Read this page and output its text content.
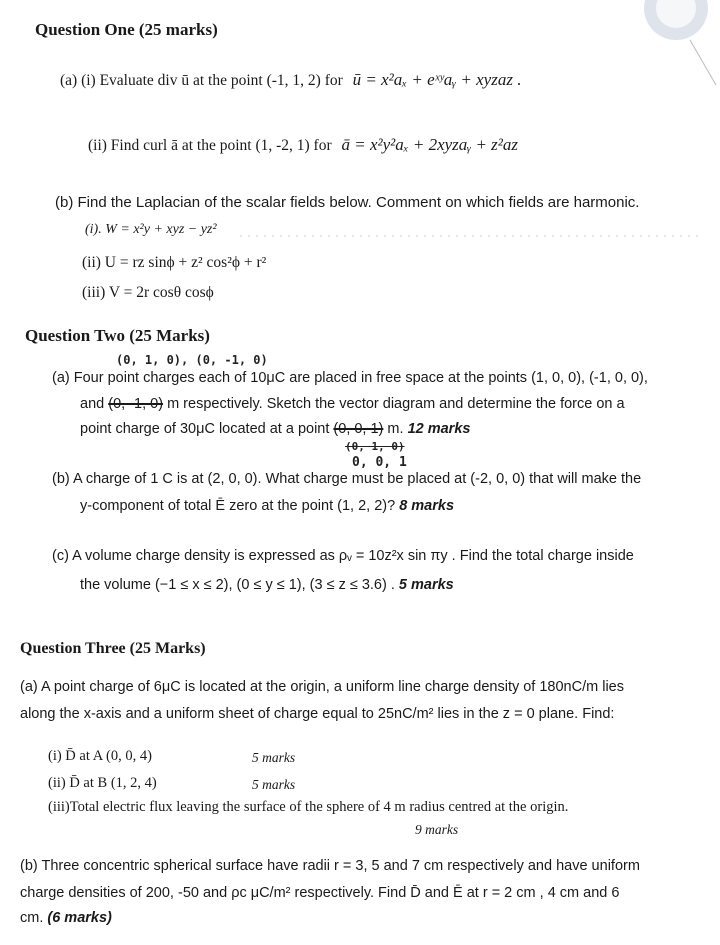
Question One (25 marks)
(a) (i) Evaluate div ū at the point (-1, 1, 2) for ū = x²aₓ + eˣʸaᵧ + xyzaz .
(ii) Find curl ā at the point (1, -2, 1) for ā = x²y²aₓ + 2xyzaᵧ + z²az
(b) Find the Laplacian of the scalar fields below. Comment on which fields are harmonic.
(i). W = x²y + xyz − yz²
(ii) U = rz sinϕ + z² cos²ϕ + r²
(iii) V = 2r cosθ cosϕ
Question Two (25 Marks)
(0, 1, 0), (0, -1, 0)
(a) Four point charges each of 10μC are placed in free space at the points (1, 0, 0), (-1, 0, 0),
and (0, -1, 0) m respectively. Sketch the vector diagram and determine the force on a
point charge of 30μC located at a point (0, 0, 1) m. 12 marks
(0, 1, 0)
0, 0, 1
(b) A charge of 1 C is at (2, 0, 0). What charge must be placed at (-2, 0, 0) that will make the
y-component of total Ē zero at the point (1, 2, 2)? 8 marks
(c) A volume charge density is expressed as ρᵥ = 10z²x sin πy . Find the total charge inside
the volume (−1 ≤ x ≤ 2), (0 ≤ y ≤ 1), (3 ≤ z ≤ 3.6) . 5 marks
Question Three (25 Marks)
(a) A point charge of 6μC is located at the origin, a uniform line charge density of 180nC/m lies
along the x-axis and a uniform sheet of charge equal to 25nC/m² lies in the z = 0 plane. Find:
(i) D̄ at A (0, 0, 4)	5 marks
(ii) D̄ at B (1, 2, 4)	5 marks
(iii)Total electric flux leaving the surface of the sphere of 4 m radius centred at the origin.
9 marks
(b) Three concentric spherical surface have radii r = 3, 5 and 7 cm respectively and have uniform
charge densities of 200, -50 and ρc μC/m² respectively. Find D̄ and Ē at r = 2 cm , 4 cm and 6
cm. (6 marks)
